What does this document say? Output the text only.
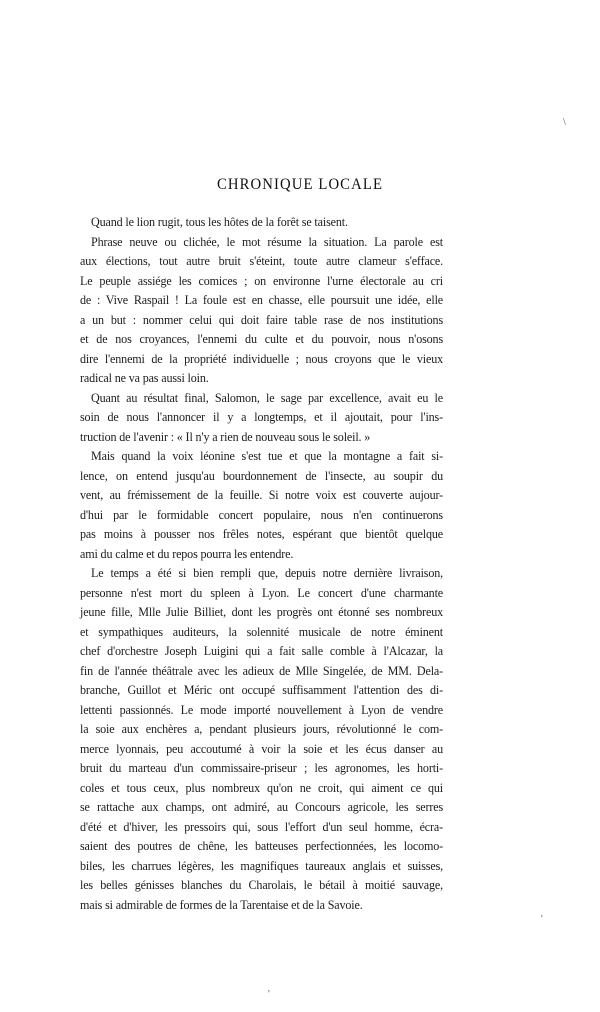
CHRONIQUE LOCALE
Quand le lion rugit, tous les hôtes de la forêt se taisent.
Phrase neuve ou clichée, le mot résume la situation. La parole est
aux élections, tout autre bruit s'éteint, toute autre clameur s'efface.
Le peuple assiége les comices ; on environne l'urne électorale au cri
de : Vive Raspail ! La foule est en chasse, elle poursuit une idée, elle
a un but : nommer celui qui doit faire table rase de nos institutions
et de nos croyances, l'ennemi du culte et du pouvoir, nous n'osons
dire l'ennemi de la propriété individuelle ; nous croyons que le vieux
radical ne va pas aussi loin.
Quant au résultat final, Salomon, le sage par excellence, avait eu le
soin de nous l'annoncer il y a longtemps, et il ajoutait, pour l'ins-
truction de l'avenir : « Il n'y a rien de nouveau sous le soleil. »
Mais quand la voix léonine s'est tue et que la montagne a fait si-
lence, on entend jusqu'au bourdonnement de l'insecte, au soupir du
vent, au frémissement de la feuille. Si notre voix est couverte aujour-
d'hui par le formidable concert populaire, nous n'en continuerons
pas moins à pousser nos frêles notes, espérant que bientôt quelque
ami du calme et du repos pourra les entendre.
Le temps a été si bien rempli que, depuis notre dernière livraison,
personne n'est mort du spleen à Lyon. Le concert d'une charmante
jeune fille, Mlle Julie Billiet, dont les progrès ont étonné ses nombreux
et sympathiques auditeurs, la solennité musicale de notre éminent
chef d'orchestre Joseph Luigini qui a fait salle comble à l'Alcazar, la
fin de l'année théâtrale avec les adieux de Mlle Singelée, de MM. Dela-
branche, Guillot et Méric ont occupé suffisamment l'attention des di-
lettenti passionnés. Le mode importé nouvellement à Lyon de vendre
la soie aux enchères a, pendant plusieurs jours, révolutionné le com-
merce lyonnais, peu accoutumé à voir la soie et les écus danser au
bruit du marteau d'un commissaire-priseur ; les agronomes, les horti-
coles et tous ceux, plus nombreux qu'on ne croit, qui aiment ce qui
se rattache aux champs, ont admiré, au Concours agricole, les serres
d'été et d'hiver, les pressoirs qui, sous l'effort d'un seul homme, écra-
saient des poutres de chêne, les batteuses perfectionnées, les locomo-
biles, les charrues légères, les magnifiques taureaux anglais et suisses,
les belles génisses blanches du Charolais, le bétail à moitié sauvage,
mais si admirable de formes de la Tarentaise et de la Savoie.
\
'
'
